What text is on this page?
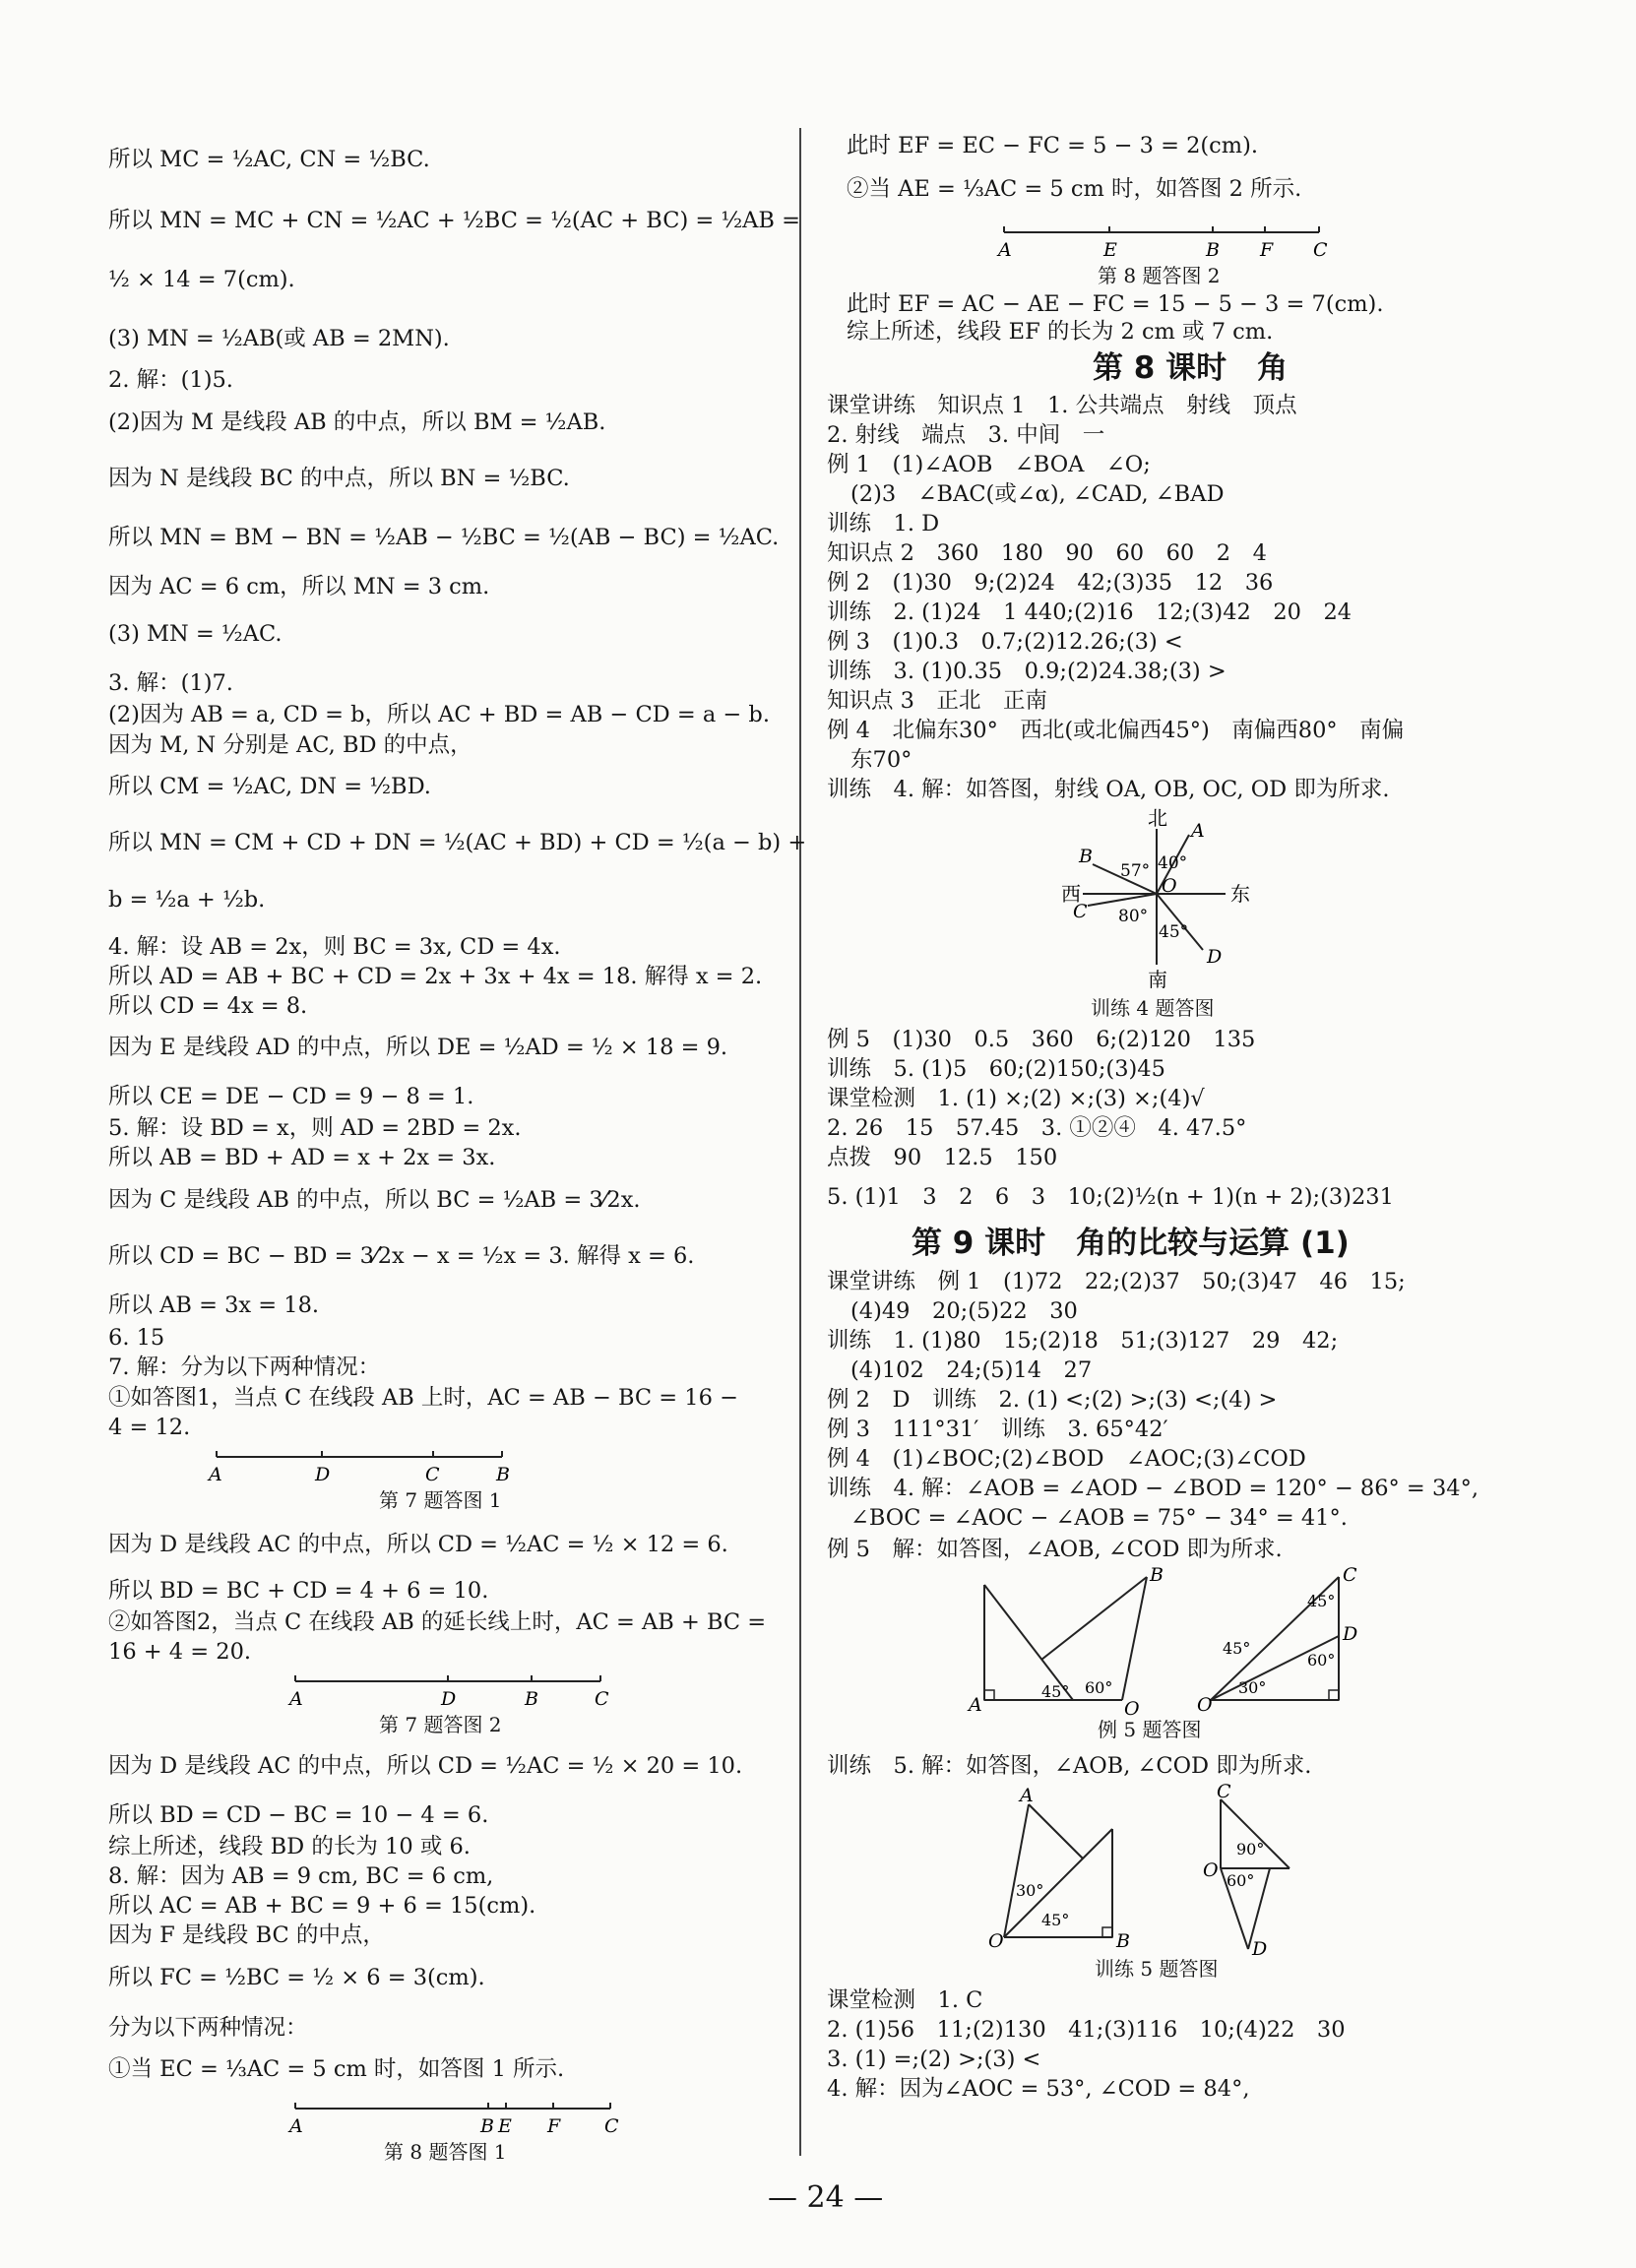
所以 MC = ½AC, CN = ½BC.
所以 MN = MC + CN = ½AC + ½BC = ½(AC + BC) = ½AB =
½ × 14 = 7(cm).
(3) MN = ½AB(或 AB = 2MN).
2. 解：(1)5.
(2)因为 M 是线段 AB 的中点，所以 BM = ½AB.
因为 N 是线段 BC 的中点，所以 BN = ½BC.
所以 MN = BM − BN = ½AB − ½BC = ½(AB − BC) = ½AC.
因为 AC = 6 cm，所以 MN = 3 cm.
(3) MN = ½AC.
3. 解：(1)7.
(2)因为 AB = a, CD = b，所以 AC + BD = AB − CD = a − b.
因为 M, N 分别是 AC, BD 的中点，
所以 CM = ½AC, DN = ½BD.
所以 MN = CM + CD + DN = ½(AC + BD) + CD = ½(a − b) +
b = ½a + ½b.
4. 解：设 AB = 2x，则 BC = 3x, CD = 4x.
所以 AD = AB + BC + CD = 2x + 3x + 4x = 18. 解得 x = 2.
所以 CD = 4x = 8.
因为 E 是线段 AD 的中点，所以 DE = ½AD = ½ × 18 = 9.
所以 CE = DE − CD = 9 − 8 = 1.
5. 解：设 BD = x，则 AD = 2BD = 2x.
所以 AB = BD + AD = x + 2x = 3x.
因为 C 是线段 AB 的中点，所以 BC = ½AB = 3⁄2x.
所以 CD = BC − BD = 3⁄2x − x = ½x = 3. 解得 x = 6.
所以 AB = 3x = 18.
6. 15
7. 解：分为以下两种情况：
①如答图1，当点 C 在线段 AB 上时，AC = AB − BC = 16 −
4 = 12.
A	D	C	B
第 7 题答图 1
因为 D 是线段 AC 的中点，所以 CD = ½AC = ½ × 12 = 6.
所以 BD = BC + CD = 4 + 6 = 10.
②如答图2，当点 C 在线段 AB 的延长线上时，AC = AB + BC =
16 + 4 = 20.
A	D	B	C
第 7 题答图 2
因为 D 是线段 AC 的中点，所以 CD = ½AC = ½ × 20 = 10.
所以 BD = CD − BC = 10 − 4 = 6.
综上所述，线段 BD 的长为 10 或 6.
8. 解：因为 AB = 9 cm, BC = 6 cm,
所以 AC = AB + BC = 9 + 6 = 15(cm).
因为 F 是线段 BC 的中点，
所以 FC = ½BC = ½ × 6 = 3(cm).
分为以下两种情况：
①当 EC = ⅓AC = 5 cm 时，如答图 1 所示.
A	B E F C
第 8 题答图 1
此时 EF = EC − FC = 5 − 3 = 2(cm).
②当 AE = ⅓AC = 5 cm 时，如答图 2 所示.
A	E	B F C
第 8 题答图 2
此时 EF = AC − AE − FC = 15 − 5 − 3 = 7(cm).
综上所述，线段 EF 的长为 2 cm 或 7 cm.
第 8 课时　角
课堂讲练　知识点 1　1. 公共端点　射线　顶点
2. 射线　端点　3. 中间　一
例 1　(1)∠AOB　∠BOA　∠O;
(2)3　∠BAC(或∠α), ∠CAD, ∠BAD
训练　1. D
知识点 2　360　180　90　60　60　2　4
例 2　(1)30　9;(2)24　42;(3)35　12　36
训练　2. (1)24　1 440;(2)16　12;(3)42　20　24
例 3　(1)0.3　0.7;(2)12.26;(3) <
训练　3. (1)0.35　0.9;(2)24.38;(3) >
知识点 3　正北　正南
例 4　北偏东30°　西北(或北偏西45°)　南偏西80°　南偏
东70°
训练　4. 解：如答图，射线 OA, OB, OC, OD 即为所求.
北
南
西	东
A
B
C
D
O
57° 40°
80°
45°
训练 4 题答图
例 5　(1)30　0.5　360　6;(2)120　135
训练　5. (1)5　60;(2)150;(3)45
课堂检测　1. (1) ×;(2) ×;(3) ×;(4)√
2. 26　15　57.45　3. ①②④　4. 47.5°
点拨　90　12.5　150
5. (1)1　3　2　6　3　10;(2)½(n + 1)(n + 2);(3)231
第 9 课时　角的比较与运算 (1)
课堂讲练　例 1　(1)72　22;(2)37　50;(3)47　46　15;
(4)49　20;(5)22　30
训练　1. (1)80　15;(2)18　51;(3)127　29　42;
(4)102　24;(5)14　27
例 2　D　训练　2. (1) <;(2) >;(3) <;(4) >
例 3　111°31′　训练　3. 65°42′
例 4　(1)∠BOC;(2)∠BOD　∠AOC;(3)∠COD
训练　4. 解：∠AOB = ∠AOD − ∠BOD = 120° − 86° = 34°,
∠BOC = ∠AOC − ∠AOB = 75° − 34° = 41°.
例 5　解：如答图，∠AOB, ∠COD 即为所求.
A
B
O
60°
45°
O
C
D
45°
30°
45°
60°
例 5 题答图
训练　5. 解：如答图，∠AOB, ∠COD 即为所求.
O
A
B
30°
45°
C
O
D
90°
60°
训练 5 题答图
课堂检测　1. C
2. (1)56　11;(2)130　41;(3)116　10;(4)22　30
3. (1) =;(2) >;(3) <
4. 解：因为∠AOC = 53°, ∠COD = 84°,
— 24 —
